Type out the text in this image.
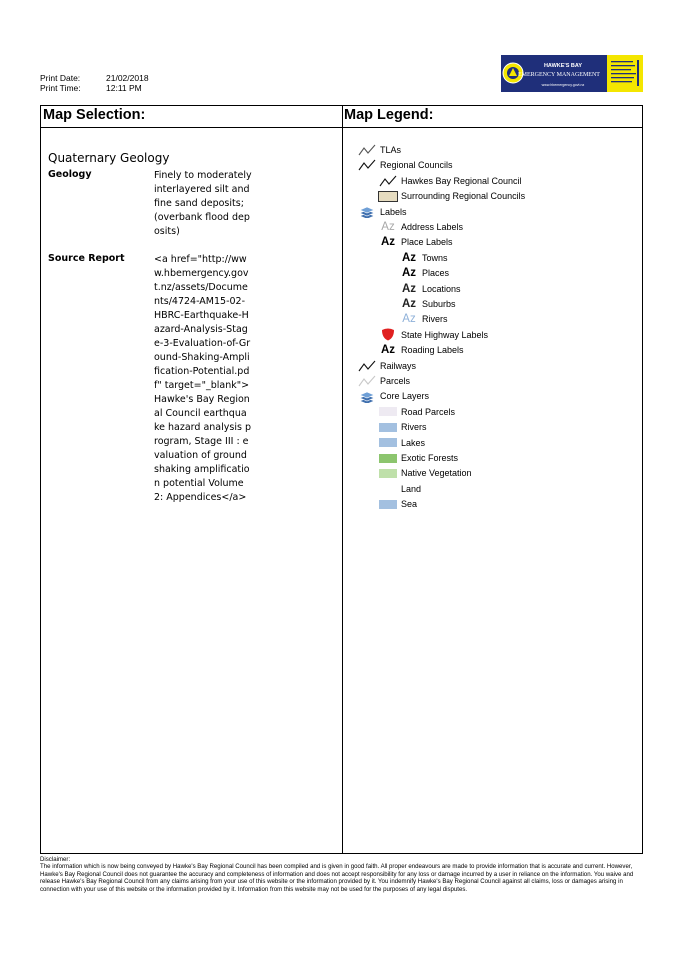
Print Date:	21/02/2018
Print Time:	12:11 PM
HAWKE'S BAY
EMERGENCY MANAGEMENT
www.hbemergency.govt.nz
Map Selection:	Map Legend:
Quaternary Geology
Geology	Finely to moderately interlayered silt and fine sand deposits; (overbank flood deposits)
Source Report	<a href="http://www.hbemergency.govt.nz/assets/Documents/4724-AM15-02-HBRC-Earthquake-Hazard-Analysis-Stage-3-Evaluation-of-Ground-Shaking-Amplification-Potential.pdf" target="_blank">Hawke's Bay Regional Council earthquake hazard analysis program, Stage III : evaluation of ground shaking amplification potential Volume 2: Appendices</a>
TLAs
Regional Councils
Hawkes Bay Regional Council
Surrounding Regional Councils
Labels
Az Address Labels
Az Place Labels
Az Towns
Az Places
Az Locations
Az Suburbs
Az Rivers
State Highway Labels
Az Roading Labels
Railways
Parcels
Core Layers
Road Parcels
Rivers
Lakes
Exotic Forests
Native Vegetation
Land
Sea
Disclaimer:
The information which is now being conveyed by Hawke's Bay Regional Council has been compiled and is given in good faith. All proper endeavours are made to provide information that is accurate and current. However, Hawke's Bay Regional Council does not guarantee the accuracy and completeness of information and does not accept responsibility for any loss or damage incurred by a user in reliance on the information. You waive and release Hawke's Bay Regional Council from any claims arising from your use of this website or the information provided by it. You indemnify Hawke's Bay Regional Council against all claims, loss or damages arising in connection with your use of this website or the information provided by it. Information from this website may not be used for the purposes of any legal disputes.
